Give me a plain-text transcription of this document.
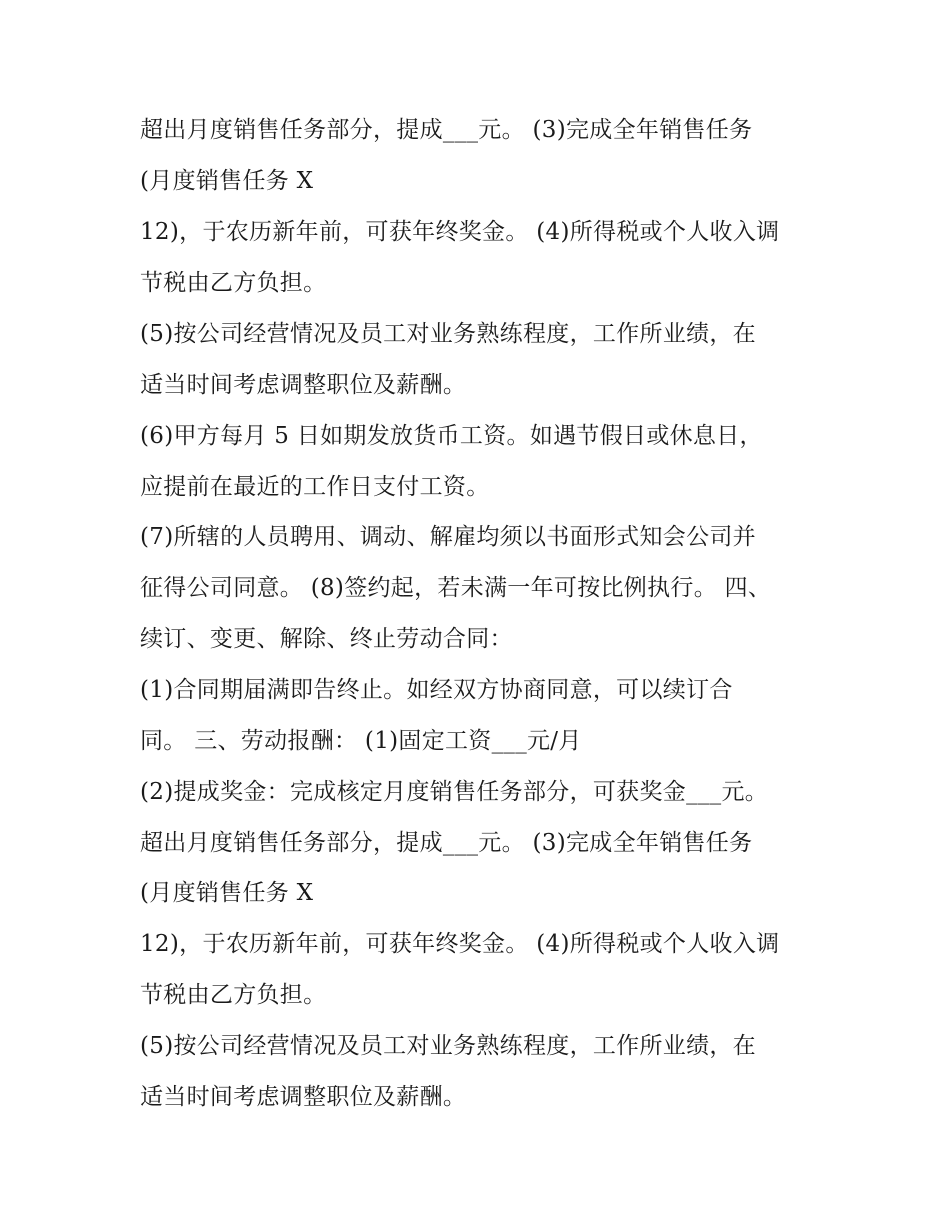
超出月度销售任务部分，提成___元。 (3)完成全年销售任务
(月度销售任务 X
12)，于农历新年前，可获年终奖金。 (4)所得税或个人收入调
节税由乙方负担。
(5)按公司经营情况及员工对业务熟练程度，工作所业绩，在
适当时间考虑调整职位及薪酬。
(6)甲方每月 5 日如期发放货币工资。如遇节假日或休息日，
应提前在最近的工作日支付工资。
(7)所辖的人员聘用、调动、解雇均须以书面形式知会公司并
征得公司同意。 (8)签约起，若未满一年可按比例执行。 四、
续订、变更、解除、终止劳动合同：
(1)合同期届满即告终止。如经双方协商同意，可以续订合
同。 三、劳动报酬： (1)固定工资___元/月
(2)提成奖金：完成核定月度销售任务部分，可获奖金___元。
超出月度销售任务部分，提成___元。 (3)完成全年销售任务
(月度销售任务 X
12)，于农历新年前，可获年终奖金。 (4)所得税或个人收入调
节税由乙方负担。
(5)按公司经营情况及员工对业务熟练程度，工作所业绩，在
适当时间考虑调整职位及薪酬。
